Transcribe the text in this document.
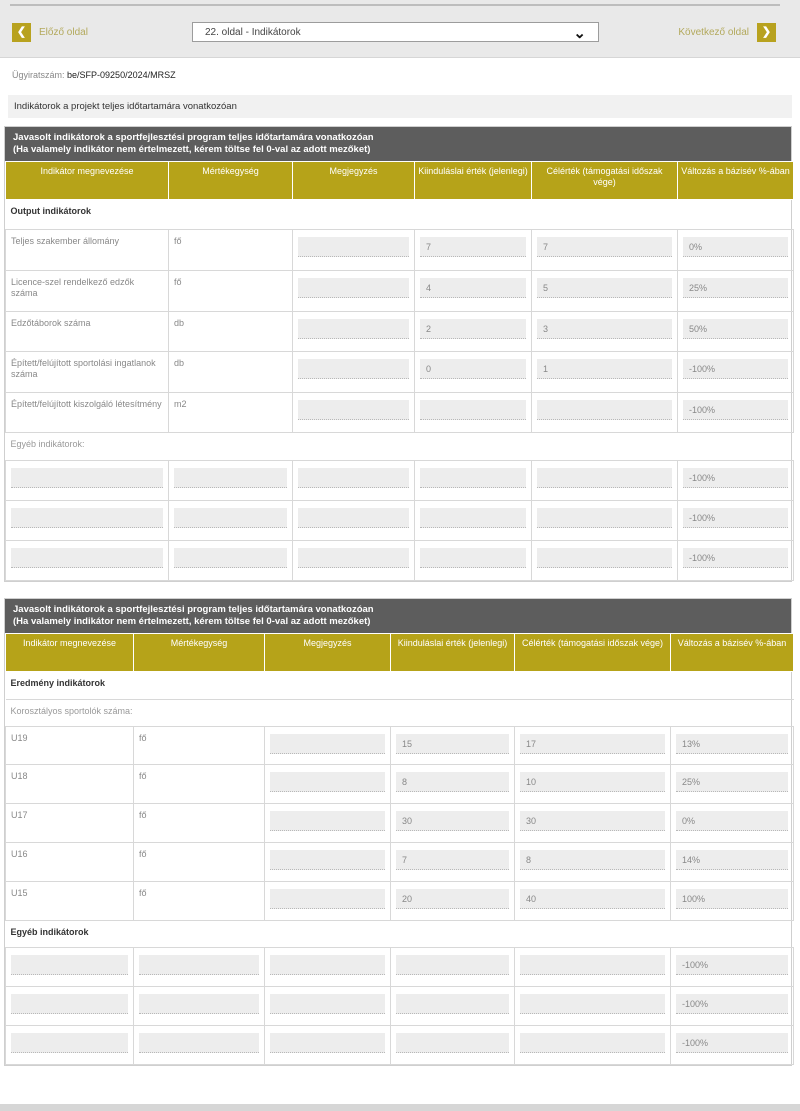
❮	Előző oldal	22. oldal - Indikátorok	⌄	Következő oldal	❯
Ügyiratszám: be/SFP-09250/2024/MRSZ
Indikátorok a projekt teljes időtartamára vonatkozóan
Javasolt indikátorok a sportfejlesztési program teljes időtartamára vonatkozóan
(Ha valamely indikátor nem értelmezett, kérem töltse fel 0-val az adott mezőket)
Indikátor megnevezése	Mértékegység	Megjegyzés	Kiinduláslai érték (jelenlegi)	Célérték (támogatási időszak vége)	Változás a bázisév %-ában
Output indikátorok					
Teljes szakember állomány	fő		7	7	0%

Licence-szel rendelkező edzők száma	fő		4	5	25%

Edzőtáborok száma	db		2	3	50%

Épített/felújított sportolási ingatlanok száma	db		0	1	-100%

Épített/felújított kiszolgáló létesítmény	m2				-100%

Egyéb indikátorok:					

					-100%

					-100%

					-100%
Javasolt indikátorok a sportfejlesztési program teljes időtartamára vonatkozóan
(Ha valamely indikátor nem értelmezett, kérem töltse fel 0-val az adott mezőket)
Indikátor megnevezése	Mértékegység	Megjegyzés	Kiinduláslai érték (jelenlegi)	Célérték (támogatási időszak vége)	Változás a bázisév %-ában
Eredmény indikátorok					
Korosztályos sportolók száma:					
U19	fő		15	17	13%

U18	fő		8	10	25%

U17	fő		30	30	0%

U16	fő		7	8	14%

U15	fő		20	40	100%

Egyéb indikátorok					

					-100%

					-100%

					-100%
